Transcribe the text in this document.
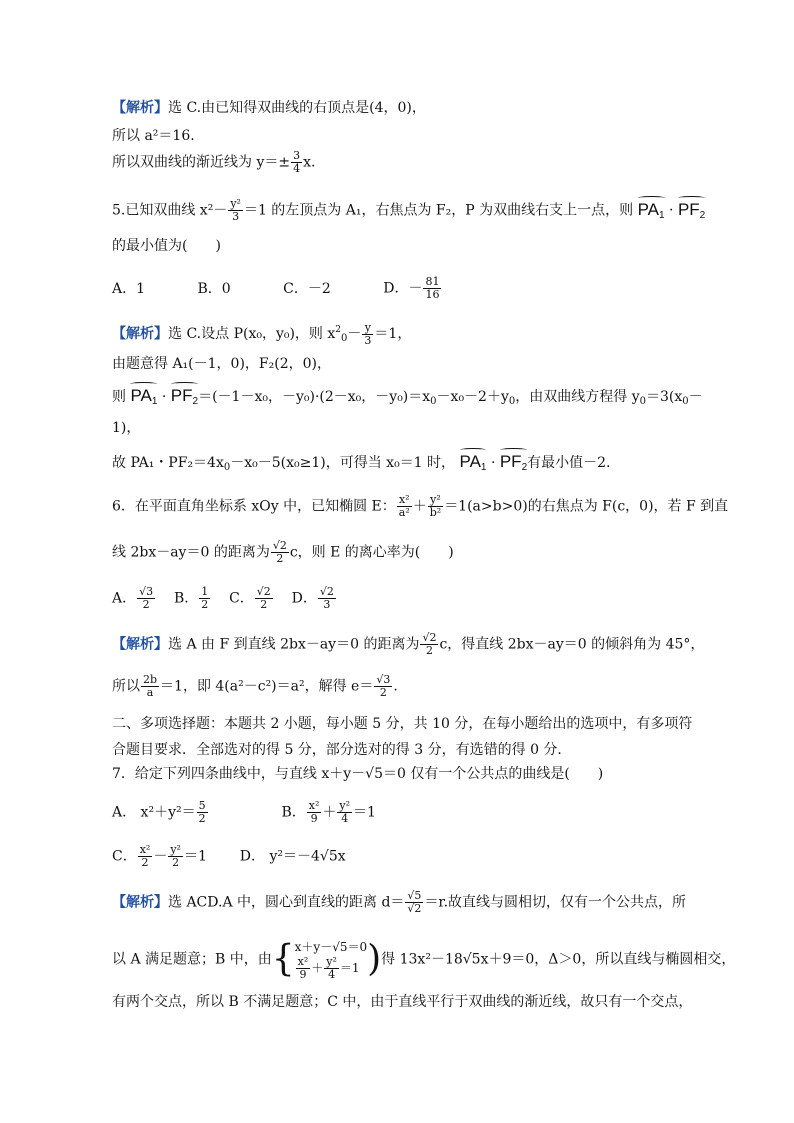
【解析】选 C.由已知得双曲线的右顶点是(4，0)，
所以 a²＝16.
所以双曲线的渐近线为 $y=\pm \frac{3}{4} x$.
5.已知双曲线 $x^2- \frac{\text{y²}}{3} =1$ 的左顶点为 A₁，右焦点为 F₂，P 为双曲线右支上一点，则 $PA_1 \cdot PF_2$
的最小值为(　　)
A．1	B．0	C．－2	D．－ $\frac{81}{16}$
【解析】选 C.设点 P(x₀，y₀)，则 $x^2_0- \frac{y}{3} =1$，
由题意得 A₁(－1，0)，F₂(2，0)，
则 $PA_1 \cdot PF_2=(-1-x_0$，－y₀)·(2－x₀，$-y_0)=x_0-x_0-2+y_0$，由双曲线方程得 $y_0=3(x_0-$
1)，
故 PA₁・$PF_2=4x_0-x_0-5(x_0\ge 1)$，可得当 x₀＝1 时， $PA_1 \cdot PF_2$有最小值－2.
6．在平面直角坐标系 xOy 中，已知椭圆 E： $\frac{\text{x²}}{\text{a²}} + \frac{\text{y²}}{\text{b²}} =1(a>b>0)$的右焦点为 F(c，0)，若 F 到直
线 2bx－ay＝0 的距离为 $\frac{√2}{2}$ c，则 E 的离心率为(　　)
A． $\frac{√3}{2}$ B． $\frac{1}{2}$ C． $\frac{√2}{2}$ D． $\frac{√2}{3}$
【解析】选 A 由 F 到直线 2bx－ay＝0 的距离为 $\frac{√2}{2}$ c，得直线 2bx－ay＝0 的倾斜角为 45°，
所以 $\frac{2b}{a} =1$，即 4(a²－c²)＝a²，解得 $e= \frac{√3}{2}$ .
二、多项选择题：本题共 2 小题，每小题 5 分，共 10 分，在每小题给出的选项中，有多项符
合题目要求．全部选对的得 5 分，部分选对的得 3 分，有选错的得 0 分．
7．给定下列四条曲线中，与直线 x＋y－√5＝0 仅有一个公共点的曲线是(　　)
A． $x^2+y^2= \frac{5}{2}$	B． $\frac{\text{x²}}{9} + \frac{\text{y²}}{4} =1$
C． $\frac{\text{x²}}{2} - \frac{\text{y²}}{2} =1$ D． y²＝－4√5x
【解析】选 ACD.A 中，圆心到直线的距离 $d= \frac{√5}{√2} =r$.故直线与圆相切，仅有一个公共点，所
以 A 满足题意；B 中，由{ x＋y－√5＝0
$\frac{\text{x²}}{9} + \frac{\text{y²}}{4} =1$ )得 13x²－18√5x＋9＝0，Δ＞0，所以直线与椭圆相交，
有两个交点，所以 B 不满足题意；C 中，由于直线平行于双曲线的渐近线，故只有一个交点，
